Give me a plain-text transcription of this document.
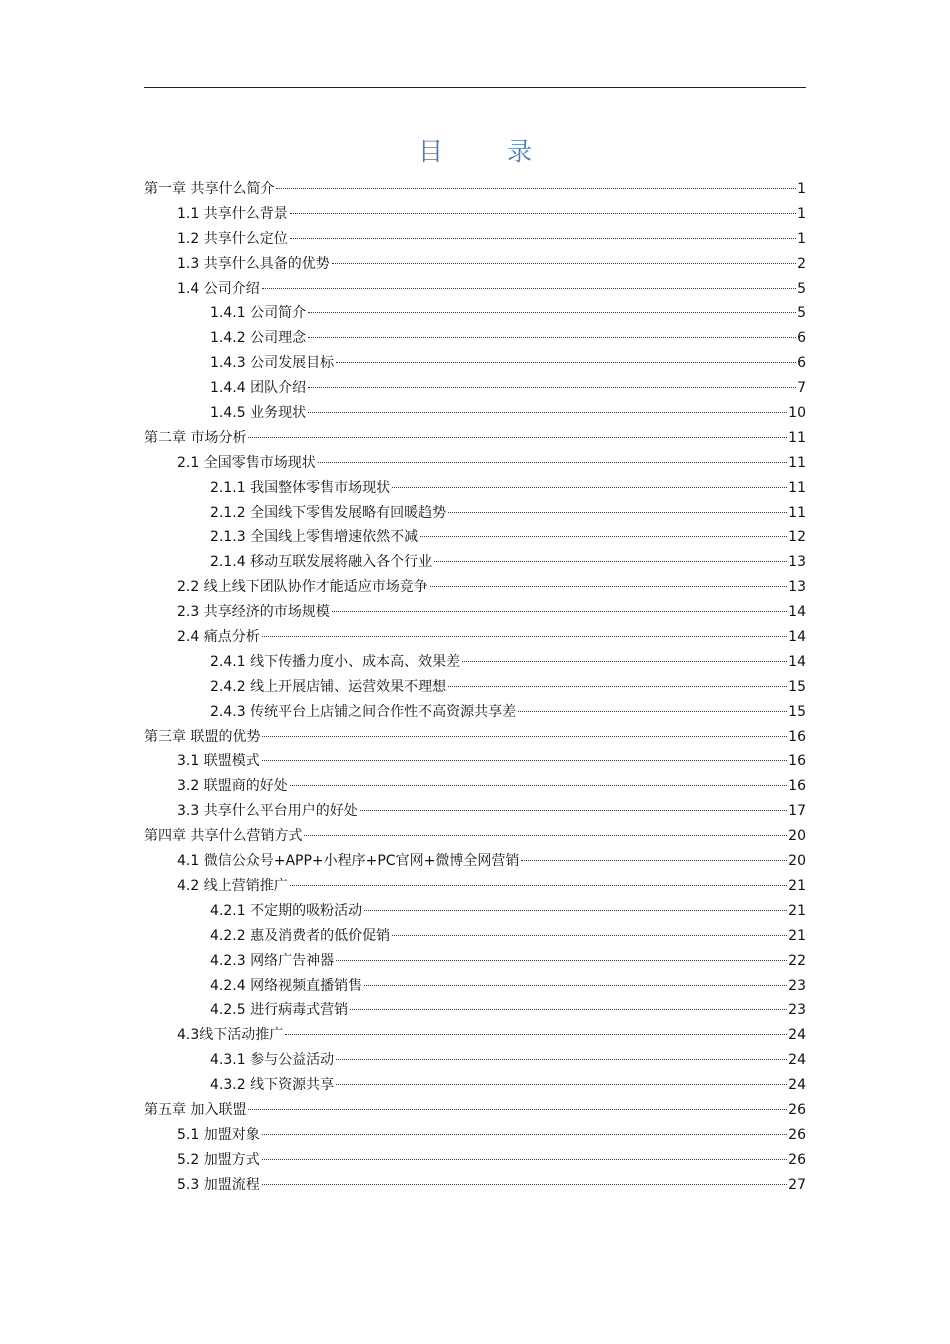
目 录
第一章 共享什么简介	1
1.1 共享什么背景	1
1.2 共享什么定位	1
1.3 共享什么具备的优势	2
1.4 公司介绍	5
1.4.1 公司简介	5
1.4.2 公司理念	6
1.4.3 公司发展目标	6
1.4.4 团队介绍	7
1.4.5 业务现状	10
第二章 市场分析	11
2.1 全国零售市场现状	11
2.1.1 我国整体零售市场现状	11
2.1.2 全国线下零售发展略有回暖趋势	11
2.1.3 全国线上零售增速依然不减	12
2.1.4 移动互联发展将融入各个行业	13
2.2 线上线下团队协作才能适应市场竞争	13
2.3 共享经济的市场规模	14
2.4 痛点分析	14
2.4.1 线下传播力度小、成本高、效果差	14
2.4.2 线上开展店铺、运营效果不理想	15
2.4.3 传统平台上店铺之间合作性不高资源共享差	15
第三章 联盟的优势	16
3.1 联盟模式	16
3.2 联盟商的好处	16
3.3 共享什么平台用户的好处	17
第四章 共享什么营销方式	20
4.1 微信公众号+APP+小程序+PC官网+微博全网营销	20
4.2 线上营销推广	21
4.2.1 不定期的吸粉活动	21
4.2.2 惠及消费者的低价促销	21
4.2.3 网络广告神器	22
4.2.4 网络视频直播销售	23
4.2.5 进行病毒式营销	23
4.3线下活动推广	24
4.3.1 参与公益活动	24
4.3.2 线下资源共享	24
第五章 加入联盟	26
5.1 加盟对象	26
5.2 加盟方式	26
5.3 加盟流程	27
